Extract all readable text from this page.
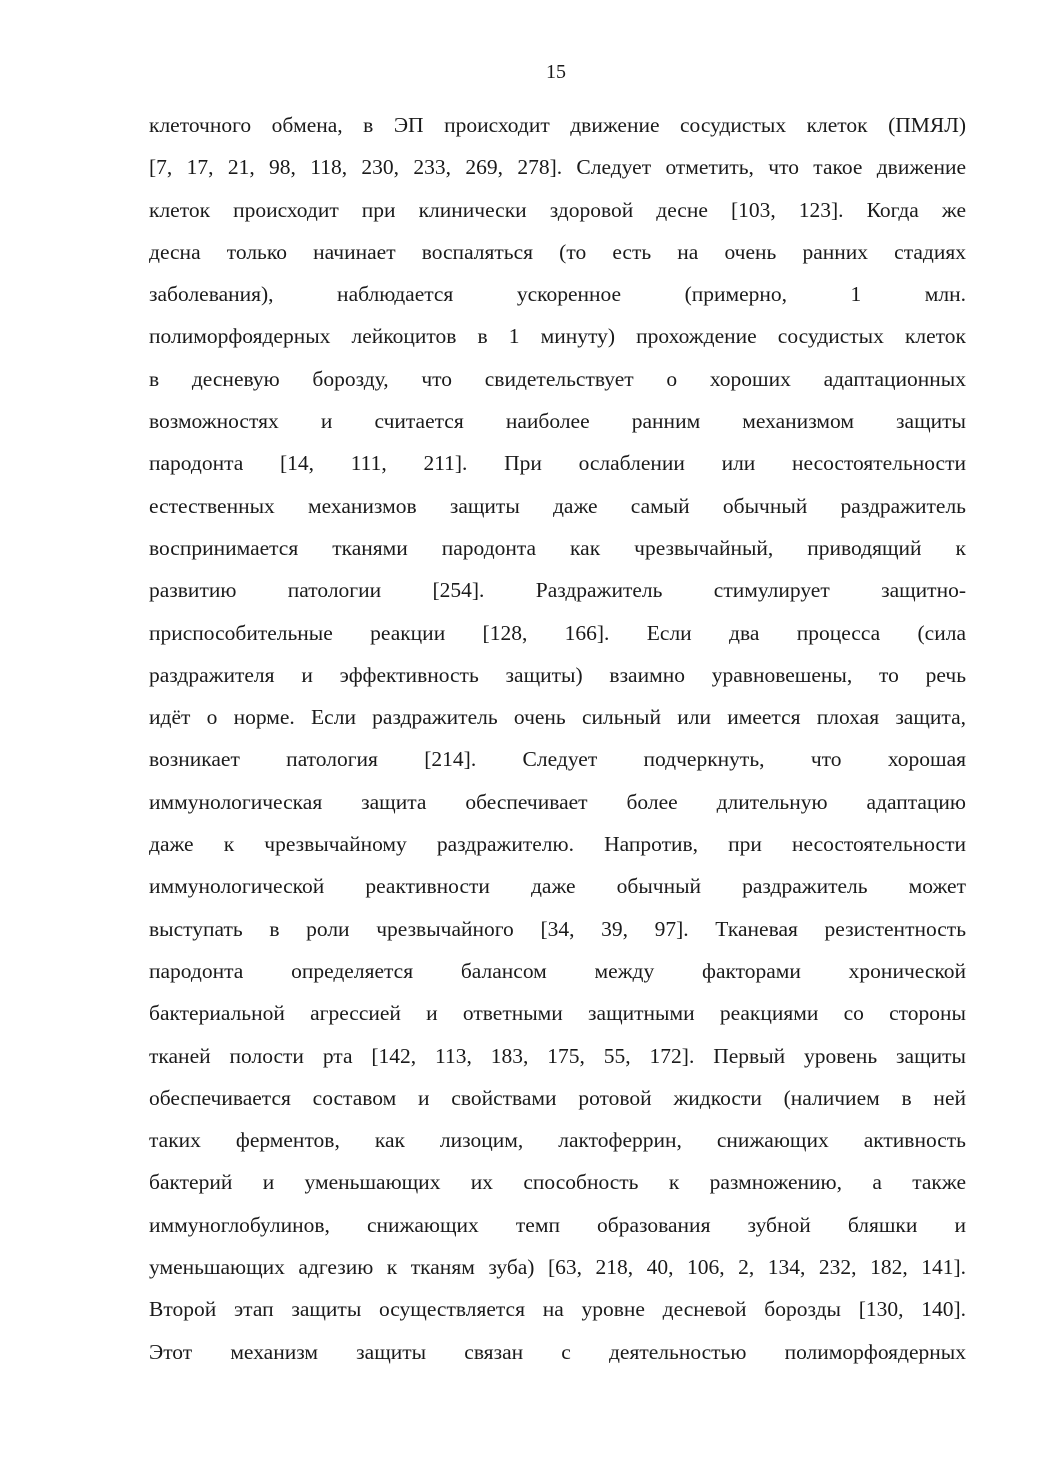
15
клеточного обмена, в ЭП происходит движение сосудистых клеток (ПМЯЛ)
[7, 17, 21, 98, 118, 230, 233, 269, 278]. Следует отметить, что такое движение
клеток происходит при клинически здоровой десне [103, 123]. Когда же
десна только начинает воспаляться (то есть на очень ранних стадиях
заболевания), наблюдается ускоренное (примерно, 1 млн.
полиморфоядерных лейкоцитов в 1 минуту) прохождение сосудистых клеток
в десневую борозду, что свидетельствует о хороших адаптационных
возможностях и считается наиболее ранним механизмом защиты
пародонта [14, 111, 211]. При ослаблении или несостоятельности
естественных механизмов защиты даже самый обычный раздражитель
воспринимается тканями пародонта как чрезвычайный, приводящий к
развитию патологии [254]. Раздражитель стимулирует защитно-
приспособительные реакции [128, 166]. Если два процесса (сила
раздражителя и эффективность защиты) взаимно уравновешены, то речь
идёт о норме. Если раздражитель очень сильный или имеется плохая защита,
возникает патология [214]. Следует подчеркнуть, что хорошая
иммунологическая защита обеспечивает более длительную адаптацию
даже к чрезвычайному раздражителю. Напротив, при несостоятельности
иммунологической реактивности даже обычный раздражитель может
выступать в роли чрезвычайного [34, 39, 97]. Тканевая резистентность
пародонта определяется балансом между факторами хронической
бактериальной агрессией и ответными защитными реакциями со стороны
тканей полости рта [142, 113, 183, 175, 55, 172]. Первый уровень защиты
обеспечивается составом и свойствами ротовой жидкости (наличием в ней
таких ферментов, как лизоцим, лактоферрин, снижающих активность
бактерий и уменьшающих их способность к размножению, а также
иммуноглобулинов, снижающих темп образования зубной бляшки и
уменьшающих адгезию к тканям зуба) [63, 218, 40, 106, 2, 134, 232, 182, 141].
Второй этап защиты осуществляется на уровне десневой борозды [130, 140].
Этот механизм защиты связан с деятельностью полиморфоядерных
